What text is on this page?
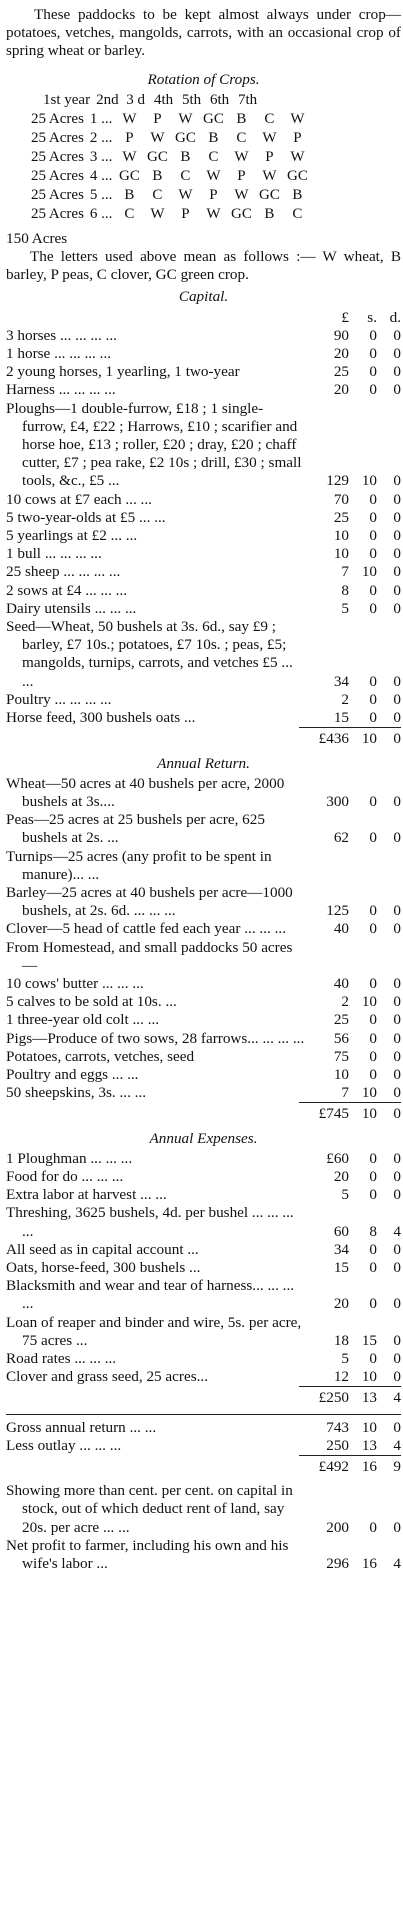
These paddocks to be kept almost always under crop—potatoes, vetches, mangolds, carrots, with an occasional crop of spring wheat or barley.

Rotation of Crops.
		1st year	2nd	3 d	4th	5th	6th	7th
25 Acres	1 ...	W	P	W	GC	B	C	W
25 Acres	2 ...	P	W	GC	B	C	W	P
25 Acres	3 ...	W	GC	B	C	W	P	W
25 Acres	4 ...	GC	B	C	W	P	W	GC
25 Acres	5 ...	B	C	W	P	W	GC	B
25 Acres	6 ...	C	W	P	W	GC	B	C

150 Acres

The letters used above mean as follows :— W wheat, B barley, P peas, C clover, GC green crop.

Capital.
£	s. d.
3 horses ... ... ... ...	90	0	0
1 horse ... ... ... ...	20	0	0
2 young horses, 1 yearling, 1 two-year	25	0	0
Harness ... ... ... ...	20	0	0
Ploughs—1 double-furrow, £18 ; 1 single-furrow, £4, £22 ; Harrows, £10 ; scarifier and horse hoe, £13 ; roller, £20 ; dray, £20 ; chaff cutter, £7 ; pea rake, £2 10s ; drill, £30 ; small tools, &c., £5 ...	129 10	0
10 cows at £7 each ... ...	70	0	0
5 two-year-olds at £5 ... ...	25	0	0
5 yearlings at £2 ... ...	10	0	0
1 bull ... ... ... ...	10	0	0
25 sheep ... ... ... ...	7 10	0
2 sows at £4 ... ... ...	8	0	0
Dairy utensils ... ... ...	5	0	0
Seed—Wheat, 50 bushels at 3s. 6d., say £9 ; barley, £7 10s.; potatoes, £7 10s. ; peas, £5; mangolds, turnips, carrots, and vetches £5 ... ...	34	0	0
Poultry ... ... ... ...	2	0	0
Horse feed, 300 bushels oats ...	15	0	0
£436 10	0
Annual Return.
Wheat—50 acres at 40 bushels per acre, 2000 bushels at 3s....	300	0	0
Peas—25 acres at 25 bushels per acre, 625 bushels at 2s. ...	62	0	0
Turnips—25 acres (any profit to be spent in manure)... ...
Barley—25 acres at 40 bushels per acre—1000 bushels, at 2s. 6d. ... ... ...	125	0	0
Clover—5 head of cattle fed each year ... ... ...	40	0	0
From Homestead, and small paddocks 50 acres—
10 cows' butter ... ... ...	40	0	0
5 calves to be sold at 10s. ...	2 10	0
1 three-year old colt ... ...	25	0	0
Pigs—Produce of two sows, 28 farrows... ... ... ...	56	0	0
Potatoes, carrots, vetches, seed	75	0	0
Poultry and eggs ... ...	10	0	0
50 sheepskins, 3s. ... ...	7 10	0
£745 10	0
Annual Expenses.
1 Ploughman ... ... ...	£60	0	0
Food for do ... ... ...	20	0	0
Extra labor at harvest ... ...	5	0	0
Threshing, 3625 bushels, 4d. per bushel ... ... ... ...	60	8	4
All seed as in capital account ...	34	0	0
Oats, horse-feed, 300 bushels ...	15	0	0
Blacksmith and wear and tear of harness... ... ... ...	20	0	0
Loan of reaper and binder and wire, 5s. per acre, 75 acres ...	18 15	0
Road rates ... ... ...	5	0	0
Clover and grass seed, 25 acres...	12 10	0
£250 13	4
Gross annual return ... ...	743 10	0
Less outlay ... ... ...	250 13	4
£492 16	9
Showing more than cent. per cent. on capital in stock, out of which deduct rent of land, say 20s. per acre ... ...	200	0	0
Net profit to farmer, including his own and his wife's labor ...	296 16	4
